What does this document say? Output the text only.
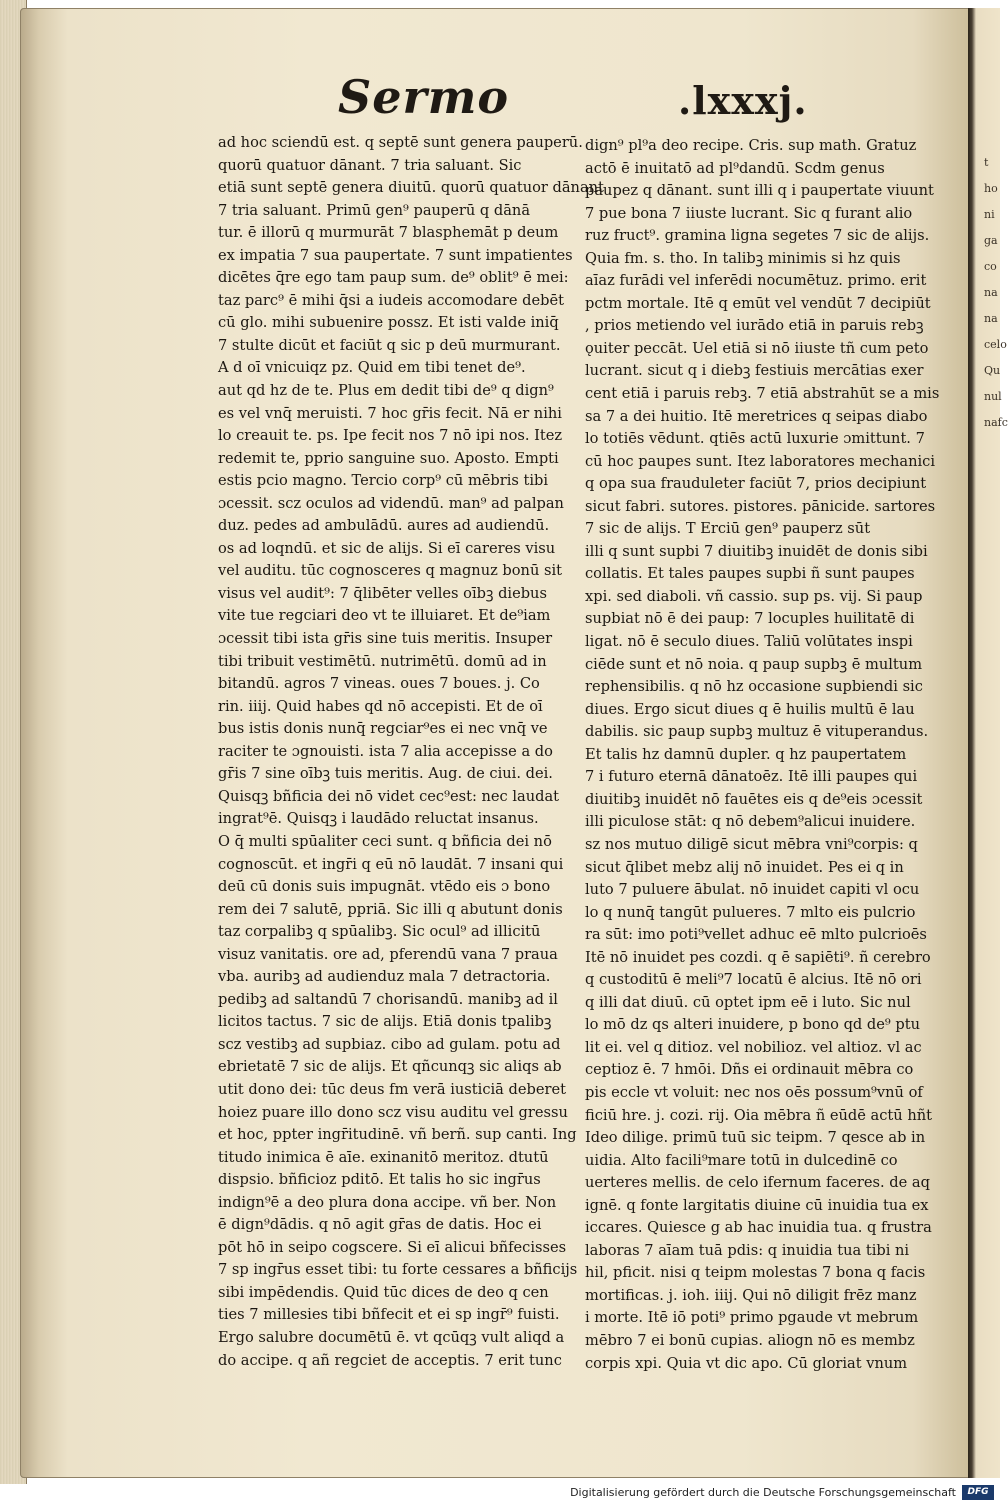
Sermo	.lxxxj.
ad hoc sciendū est. q septē sunt genera pauperū.
quorū quatuor dānant. 7 tria saluant. Sic
etiā sunt septē genera diuitū. quorū quatuor dānant
7 tria saluant. Primū gen⁹ pauperū q dānā
tur. ē illorū q murmurāt 7 blasphemāt p deum
ex impatia 7 sua paupertate. 7 sunt impatientes
dicētes q̄re ego tam paup sum. de⁹ oblit⁹ ē mei:
taz parc⁹ ē mihi q̄si a iudeis accomodare debēt
cū glo. mihi subuenire possz. Et isti valde iniq̄
7 stulte dicūt et faciūt q sic p deū murmurant.
A d oī vnicuiqz pz. Quid em tibi tenet de⁹.
aut qd hz de te. Plus em dedit tibi de⁹ q dign⁹
es vel vnq̄ meruisti. 7 hoc gr̄is fecit. Nā er nihi
lo creauit te. ps. Ipe fecit nos 7 nō ipi nos. Itez
redemit te, pprio sanguine suo. Aposto. Empti
estis pcio magno. Tercio corp⁹ cū mēbris tibi
ɔcessit. scz oculos ad videndū. man⁹ ad palpan
duz. pedes ad ambulādū. aures ad audiendū.
os ad loqndū. et sic de alijs. Si eī careres visu
vel auditu. tūc cognosceres q magnuz bonū sit
visus vel audit⁹: 7 q̄libēter velles oībꝫ diebus
vite tue regciari deo vt te illuiaret. Et de⁹iam
ɔcessit tibi ista gr̄is sine tuis meritis. Insuper
tibi tribuit vestimētū. nutrimētū. domū ad in
bitandū. agros 7 vineas. oues 7 boues. j. Co
rin. iiij. Quid habes qd nō accepisti. Et de oī
bus istis donis nunq̄ regciar⁹es ei nec vnq̄ ve
raciter te ɔgnouisti. ista 7 alia accepisse a do
gr̄is 7 sine oībꝫ tuis meritis. Aug. de ciui. dei.
Quisqꝫ bñficia dei nō videt cec⁹est: nec laudat
ingrat⁹ē. Quisqꝫ i laudādo reluctat insanus.
O q̄ multi spūaliter ceci sunt. q bñficia dei nō
cognoscūt. et ingr̄i q eū nō laudāt. 7 insani qui
deū cū donis suis impugnāt. vtēdo eis ɔ bono
rem dei 7 salutē, ppriā. Sic illi q abutunt donis
taz corpalibꝫ q spūalibꝫ. Sic ocul⁹ ad illicitū
visuz vanitatis. ore ad, pferendū vana 7 praua
vba. auribꝫ ad audienduz mala 7 detractoria.
pedibꝫ ad saltandū 7 chorisandū. manibꝫ ad il
licitos tactus. 7 sic de alijs. Etiā donis tpalibꝫ
scz vestibꝫ ad supbiaz. cibo ad gulam. potu ad
ebrietatē 7 sic de alijs. Et qñcunqꝫ sic aliqs ab
utit dono dei: tūc deus fm verā iusticiā deberet
hoiez puare illo dono scz visu auditu vel gressu
et hoc, ppter ingr̄itudinē. vñ berñ. sup canti. Ing
titudo inimica ē aīe. exinanitō meritoz. dtutū
dispsio. bñficioz pditō. Et talis ho sic ingr̄us
indign⁹ē a deo plura dona accipe. vñ ber. Non
ē dign⁹dādis. q nō agit gr̄as de datis. Hoc ei
pōt hō in seipo cogscere. Si eī alicui bñfecisses
7 sp ingr̄us esset tibi: tu forte cessares a bñficijs
sibi impēdendis. Quid tūc dices de deo q cen
ties 7 millesies tibi bñfecit et ei sp ingr̄⁹ fuisti.
Ergo salubre documētū ē. vt qcūqꝫ vult aliqd a
do accipe. q añ regciet de acceptis. 7 erit tunc
dign⁹ pl⁹a deo recipe. Cris. sup math. Gratuz
actō ē inuitatō ad pl⁹dandū. Scdm genus
paupez q dānant. sunt illi q i paupertate viuunt
7 pue bona 7 iiuste lucrant. Sic q furant alio
ruz fruct⁹. gramina ligna segetes 7 sic de alijs.
Quia fm. s. tho. In talibꝫ minimis si hz quis
aīaz furādi vel inferēdi nocumētuz. primo. erit
pctm mortale. Itē q emūt vel vendūt 7 decipiūt
, prios metiendo vel iurādo etiā in paruis rebꝫ
ǫuiter peccāt. Uel etiā si nō iiuste tñ cum peto
lucrant. sicut q i diebꝫ festiuis mercātias exer
cent etiā i paruis rebꝫ. 7 etiā abstrahūt se a mis
sa 7 a dei huitio. Itē meretrices q seipas diabo
lo totiēs vēdunt. qtiēs actū luxurie ɔmittunt. 7
cū hoc paupes sunt. Itez laboratores mechanici
q opa sua frauduleter faciūt 7, prios decipiunt
sicut fabri. sutores. pistores. pānicide. sartores
7 sic de alijs. T Erciū gen⁹ pauperz sūt
illi q sunt supbi 7 diuitibꝫ inuidēt de donis sibi
collatis. Et tales paupes supbi ñ sunt paupes
xpi. sed diaboli. vñ cassio. sup ps. vij. Si paup
supbiat nō ē dei paup: 7 locuples huilitatē di
ligat. nō ē seculo diues. Taliū volūtates inspi
ciēde sunt et nō noia. q paup supbꝫ ē multum
rephensibilis. q nō hz occasione supbiendi sic
diues. Ergo sicut diues q ē huilis multū ē lau
dabilis. sic paup supbꝫ multuz ē vituperandus.
Et talis hz damnū dupler. q hz paupertatem
7 i futuro eternā dānatoēz. Itē illi paupes qui
diuitibꝫ inuidēt nō fauētes eis q de⁹eis ɔcessit
illi piculose stāt: q nō debem⁹alicui inuidere.
sz nos mutuo diligē sicut mēbra vni⁹corpis: q
sicut q̄libet mebz alij nō inuidet. Pes ei q in
luto 7 puluere ābulat. nō inuidet capiti vl ocu
lo q nunq̄ tangūt pulueres. 7 mlto eis pulcrio
ra sūt: imo poti⁹vellet adhuc eē mlto pulcrioēs
Itē nō inuidet pes cozdi. q ē sapiēti⁹. ñ cerebro
q custoditū ē meli⁹7 locatū ē alcius. Itē nō ori
q illi dat diuū. cū optet ipm eē i luto. Sic nul
lo mō dz qs alteri inuidere, p bono qd de⁹ ptu
lit ei. vel q ditioz. vel nobilioz. vel altioz. vl ac
ceptioz ē. 7 hmōi. Dñs ei ordinauit mēbra co
pis eccle vt voluit: nec nos oēs possum⁹vnū of
ficiū hre. j. cozi. rij. Oia mēbra ñ eūdē actū hñt
Ideo dilige. primū tuū sic teipm. 7 qesce ab in
uidia. Alto facili⁹mare totū in dulcedinē co
uerteres mellis. de celo ifernum faceres. de aq
ignē. q fonte largitatis diuine cū inuidia tua ex
iccares. Quiesce g ab hac inuidia tua. q frustra
laboras 7 aīam tuā pdis: q inuidia tua tibi ni
hil, pficit. nisi q teipm molestas 7 bona q facis
mortificas. j. ioh. iiij. Qui nō diligit frēz manz
i morte. Itē iō poti⁹ primo pgaude vt mebrum
mēbro 7 ei bonū cupias. aliogn nō es membz
corpis xpi. Quia vt dic apo. Cū gloriat vnum
t
ho
ni
ga
co
na
na
celo
Qu
nul
nafc
Digitalisierung gefördert durch die Deutsche Forschungsgemeinschaft	DFG
